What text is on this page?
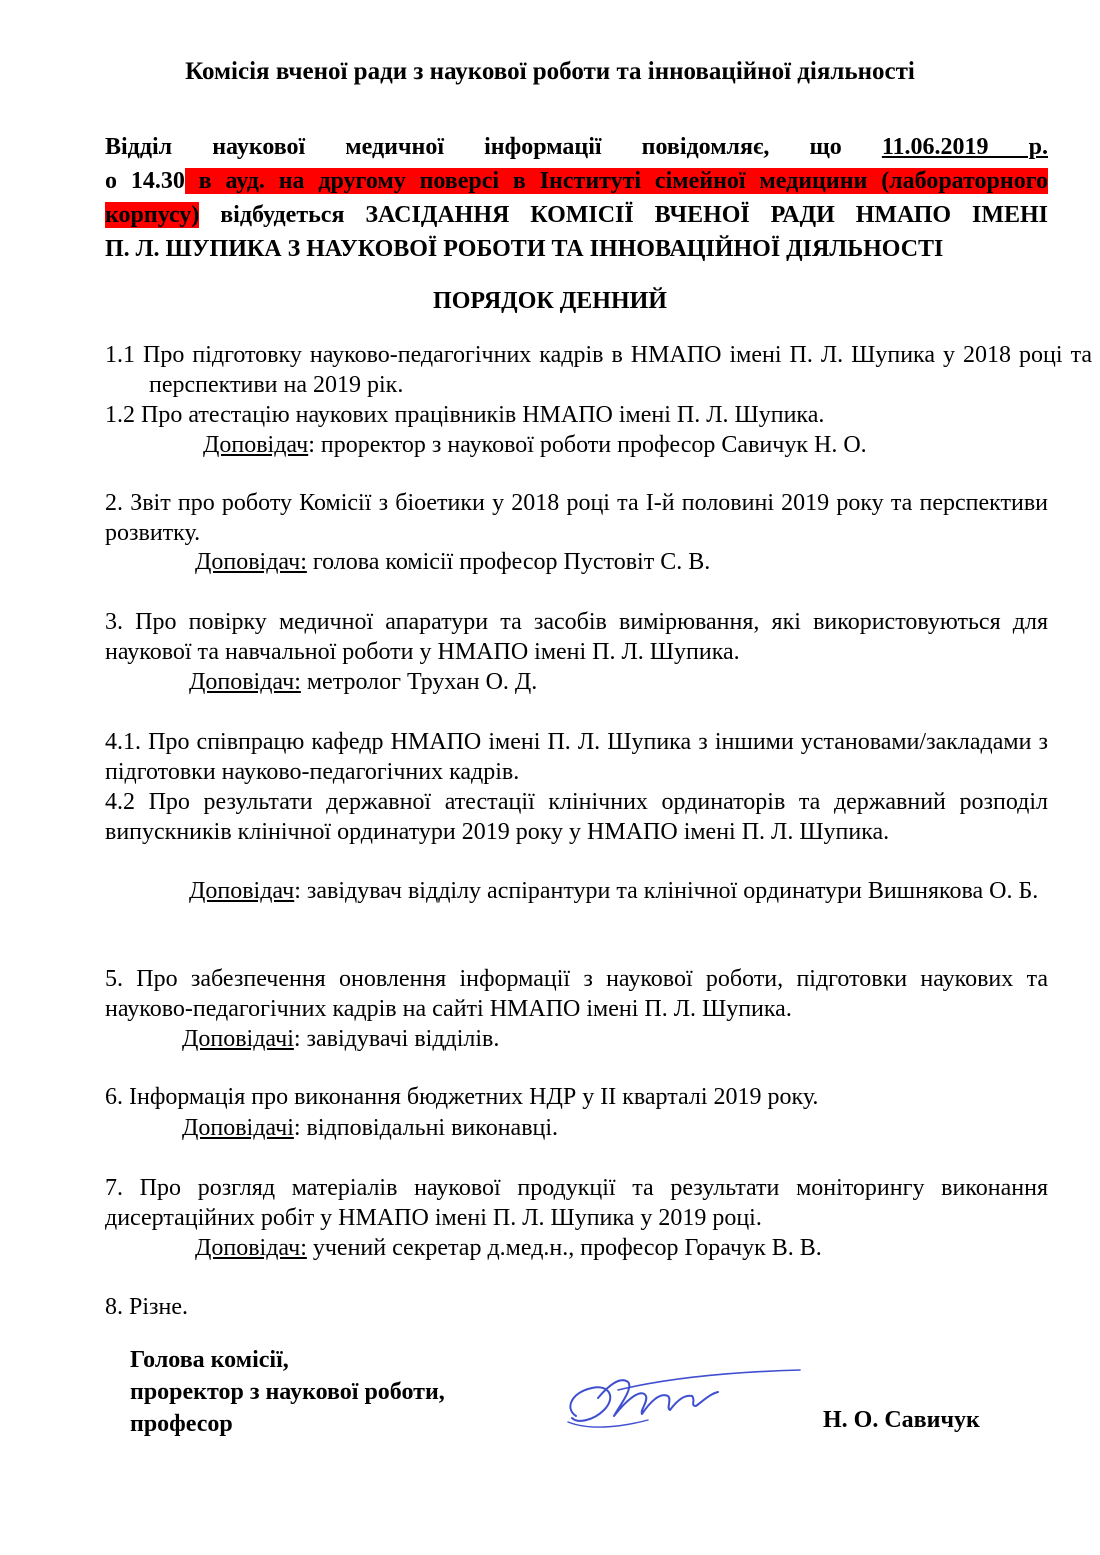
Комісія вченої ради з наукової роботи та інноваційної діяльності
Відділ наукової медичної інформації повідомляє, що 11.06.2019 р.
о 14.30 в ауд. на другому поверсі в Інституті сімейної медицини (лабораторного
корпусу) відбудеться ЗАСІДАННЯ КОМІСІЇ ВЧЕНОЇ РАДИ НМАПО ІМЕНІ
П. Л. ШУПИКА З НАУКОВОЇ РОБОТИ ТА ІННОВАЦІЙНОЇ ДІЯЛЬНОСТІ
ПОРЯДОК ДЕННИЙ
1.1 Про підготовку науково-педагогічних кадрів в НМАПО імені П. Л. Шупика у 2018 році та перспективи на 2019 рік.
1.2 Про атестацію наукових працівників НМАПО імені П. Л. Шупика.
Доповідач: проректор з наукової роботи професор Савичук Н. О.
2. Звіт про роботу Комісії з біоетики у 2018 році та І-й половині 2019 року та перспективи розвитку.
Доповідач: голова комісії професор Пустовіт С. В.
3. Про повірку медичної апаратури та засобів вимірювання, які використовуються для наукової та навчальної роботи у НМАПО імені П. Л. Шупика.
Доповідач: метролог Трухан О. Д.
4.1. Про співпрацю кафедр НМАПО імені П. Л. Шупика з іншими установами/закладами з підготовки науково-педагогічних кадрів.
4.2 Про результати державної атестації клінічних ординаторів та державний розподіл випускників клінічної ординатури 2019 року у НМАПО імені П. Л. Шупика.
Доповідач: завідувач відділу аспірантури та клінічної ординатури Вишнякова О. Б.
5. Про забезпечення оновлення інформації з наукової роботи, підготовки наукових та науково-педагогічних кадрів на сайті НМАПО імені П. Л. Шупика.
Доповідачі: завідувачі відділів.
6. Інформація про виконання бюджетних НДР у ІІ кварталі 2019 року.
Доповідачі: відповідальні виконавці.
7. Про розгляд матеріалів наукової продукції та результати моніторингу виконання дисертаційних робіт у НМАПО імені П. Л. Шупика у 2019 році.
Доповідач: учений секретар д.мед.н., професор Горачук В. В.
8. Різне.
Голова комісії,
проректор з наукової роботи,
професор	Н. О. Савичук
